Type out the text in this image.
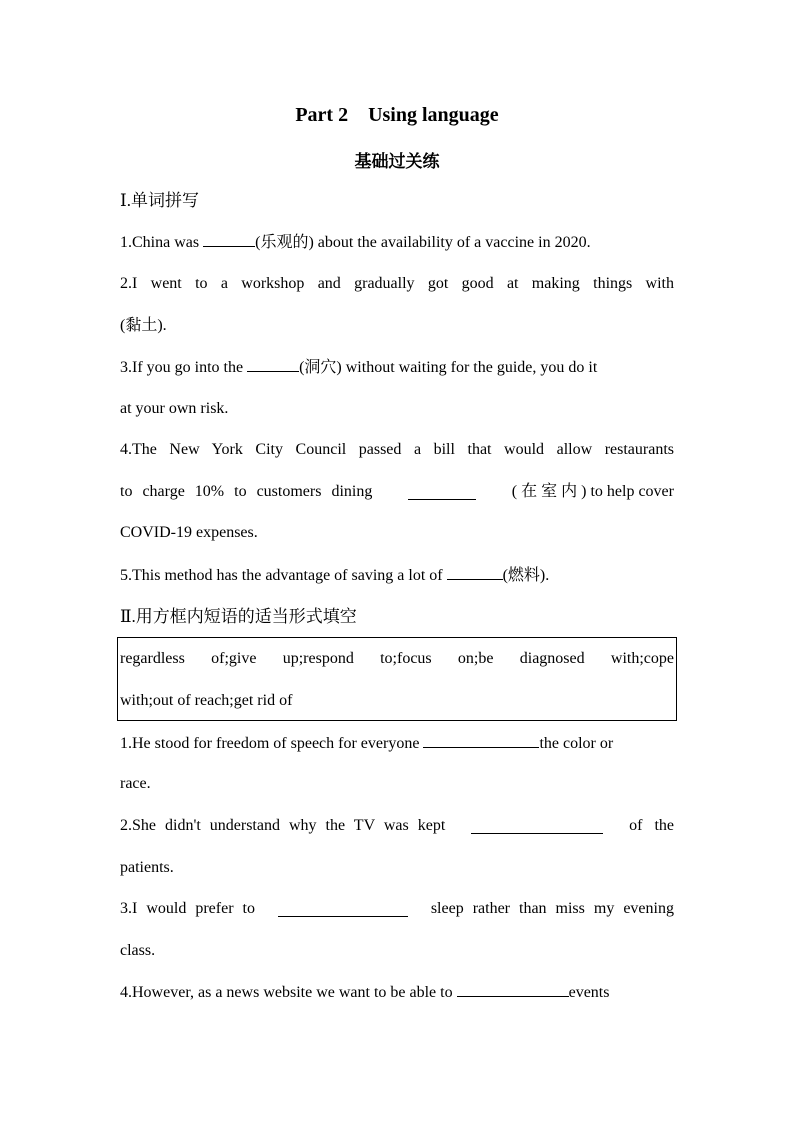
Part 2    Using language
基础过关练
Ⅰ.单词拼写
1.China was	(乐观的) about the availability of a vaccine in 2020.
2.I went to a workshop and gradually got good at making things with
(黏土).
3.If you go into the	(洞穴) without waiting for the guide, you do it
at your own risk.
4.The New York City Council passed a bill that would allow restaurants
to charge 10% to customers dining	( 在 室 内 ) to help cover
COVID-19 expenses.
5.This method has the advantage of saving a lot of	(燃料).
Ⅱ.用方框内短语的适当形式填空
regardless of;give up;respond to;focus on;be diagnosed with;cope
with;out of reach;get rid of
1.He stood for freedom of speech for everyone	the color or
race.
2.She didn't understand why the TV was kept	of the
patients.
3.I would prefer to	sleep rather than miss my evening
class.
4.However, as a news website we want to be able to	events
